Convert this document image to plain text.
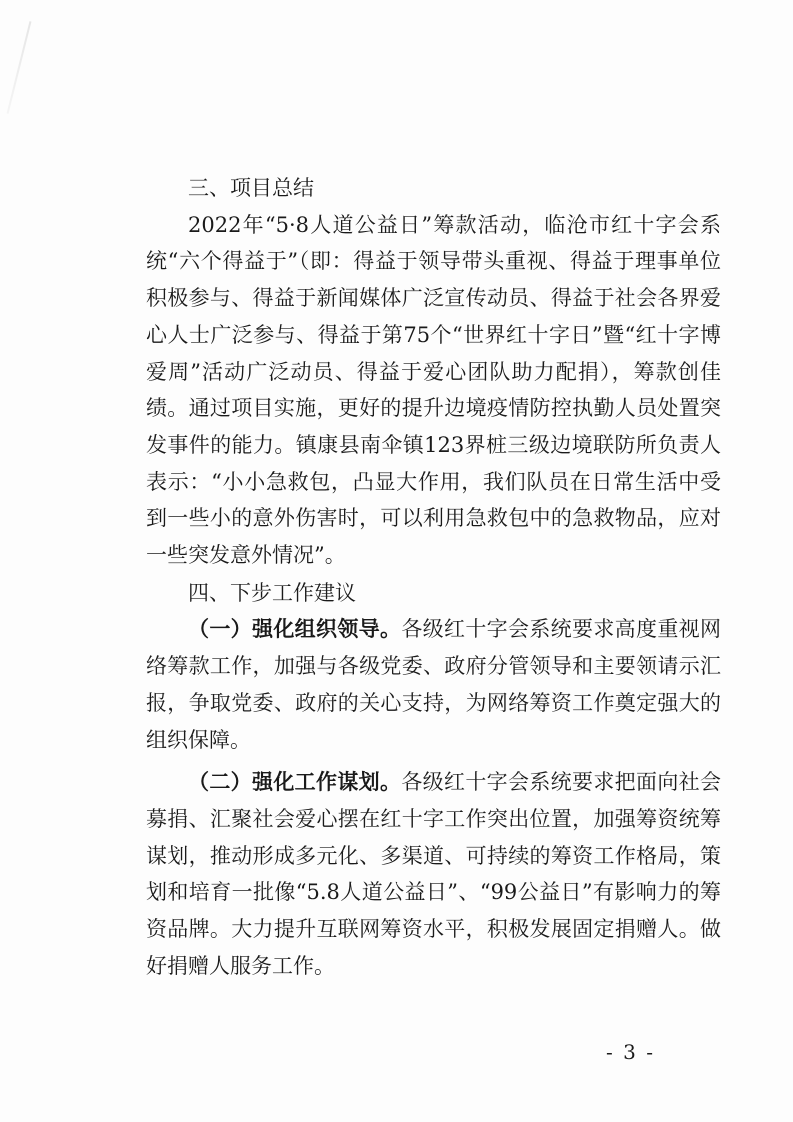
三、项目总结

2022年“5·8人道公益日”筹款活动，临沧市红十字会系统“六个得益于”（即：得益于领导带头重视、得益于理事单位积极参与、得益于新闻媒体广泛宣传动员、得益于社会各界爱心人士广泛参与、得益于第75个“世界红十字日”暨“红十字博爱周”活动广泛动员、得益于爱心团队助力配捐），筹款创佳绩。通过项目实施，更好的提升边境疫情防控执勤人员处置突发事件的能力。镇康县南伞镇123界桩三级边境联防所负责人表示：“小小急救包，凸显大作用，我们队员在日常生活中受到一些小的意外伤害时，可以利用急救包中的急救物品，应对一些突发意外情况”。

四、下步工作建议

（一）强化组织领导。各级红十字会系统要求高度重视网络筹款工作，加强与各级党委、政府分管领导和主要领请示汇报，争取党委、政府的关心支持，为网络筹资工作奠定强大的组织保障。

（二）强化工作谋划。各级红十字会系统要求把面向社会募捐、汇聚社会爱心摆在红十字工作突出位置，加强筹资统筹谋划，推动形成多元化、多渠道、可持续的筹资工作格局，策划和培育一批像“5.8人道公益日”、“99公益日”有影响力的筹资品牌。大力提升互联网筹资水平，积极发展固定捐赠人。做好捐赠人服务工作。

- 3 -
